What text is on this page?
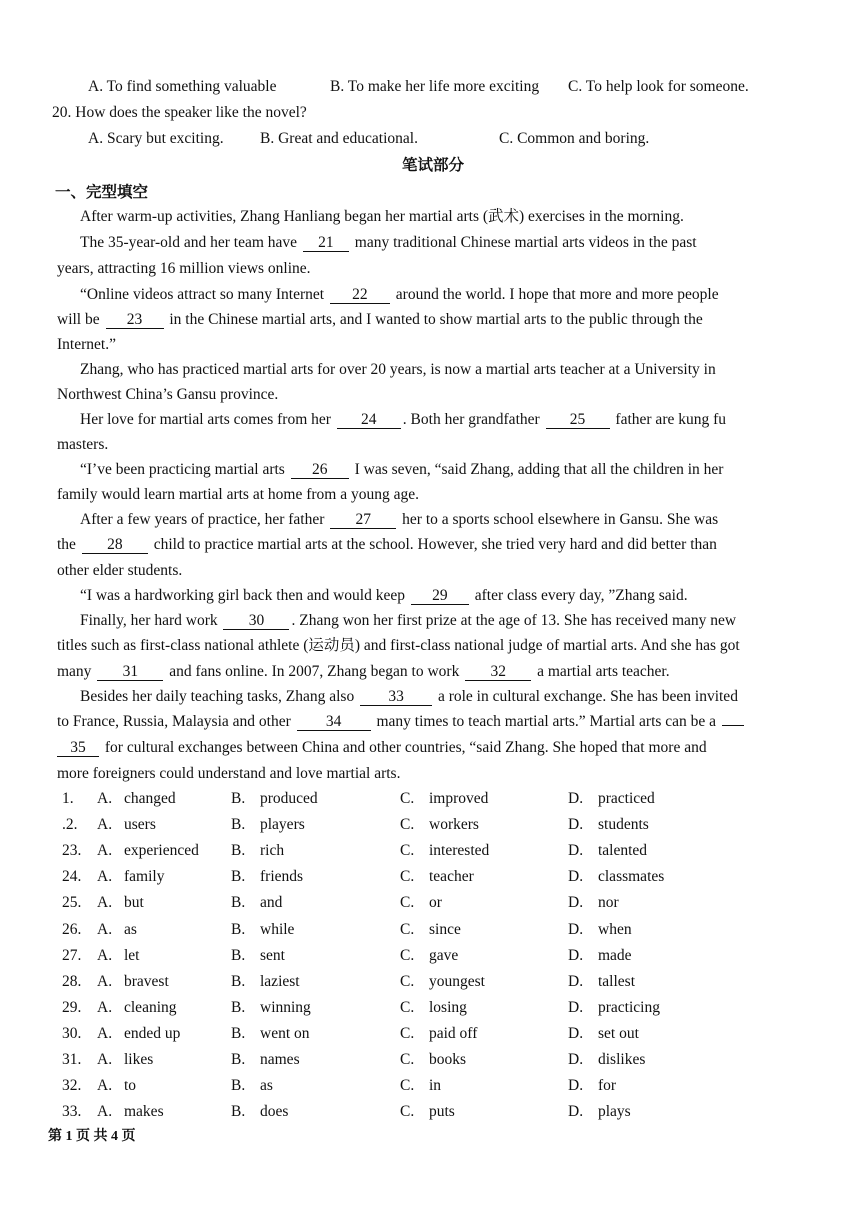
A. To find something valuable	B. To make her life more exciting C. To help look for someone.
20. How does the speaker like the novel?
A. Scary but exciting. B. Great and educational.	C. Common and boring.
笔试部分
一、完型填空
After warm-up activities, Zhang Hanliang began her martial arts (武术) exercises in the morning.
The 35-year-old and her team have 21 many traditional Chinese martial arts videos in the past
years, attracting 16 million views online.
“Online videos attract so many Internet 22 around the world. I hope that more and more people
will be 23 in the Chinese martial arts, and I wanted to show martial arts to the public through the
Internet.”
Zhang, who has practiced martial arts for over 20 years, is now a martial arts teacher at a University in
Northwest China’s Gansu province.
Her love for martial arts comes from her 24 . Both her grandfather 25 father are kung fu
masters.
“I’ve been practicing martial arts 26 I was seven, “said Zhang, adding that all the children in her
family would learn martial arts at home from a young age.
After a few years of practice, her father 27 her to a sports school elsewhere in Gansu. She was
the 28 child to practice martial arts at the school. However, she tried very hard and did better than
other elder students.
“I was a hardworking girl back then and would keep 29 after class every day, ”Zhang said.
Finally, her hard work 30 . Zhang won her first prize at the age of 13. She has received many new
titles such as first-class national athlete (运动员) and first-class national judge of martial arts. And she has got
many 31 and fans online. In 2007, Zhang began to work 32 a martial arts teacher.
Besides her daily teaching tasks, Zhang also 33 a role in cultural exchange. She has been invited
to France, Russia, Malaysia and other 34 many times to teach martial arts.” Martial arts can be a
35 for cultural exchanges between China and other countries, “said Zhang. She hoped that more and
more foreigners could understand and love martial arts.
1. A. changed	B. produced	C. improved	D. practiced
.2. A. users	B. players	C. workers	D. students
23. A. experienced B. rich	C. interested	D. talented
24. A. family	B. friends	C. teacher	D. classmates
25. A. but	B. and	C. or	D. nor
26. A. as	B. while	C. since	D. when
27. A. let	B. sent	C. gave	D. made
28. A. bravest	B. laziest	C. youngest	D. tallest
29. A. cleaning	B. winning	C. losing	D. practicing
30. A. ended up	B. went on	C. paid off	D. set out
31. A. likes	B. names	C. books	D. dislikes
32. A. to	B. as	C. in	D. for
33. A. makes	B. does	C. puts	D. plays
第 1 页 共 4 页
